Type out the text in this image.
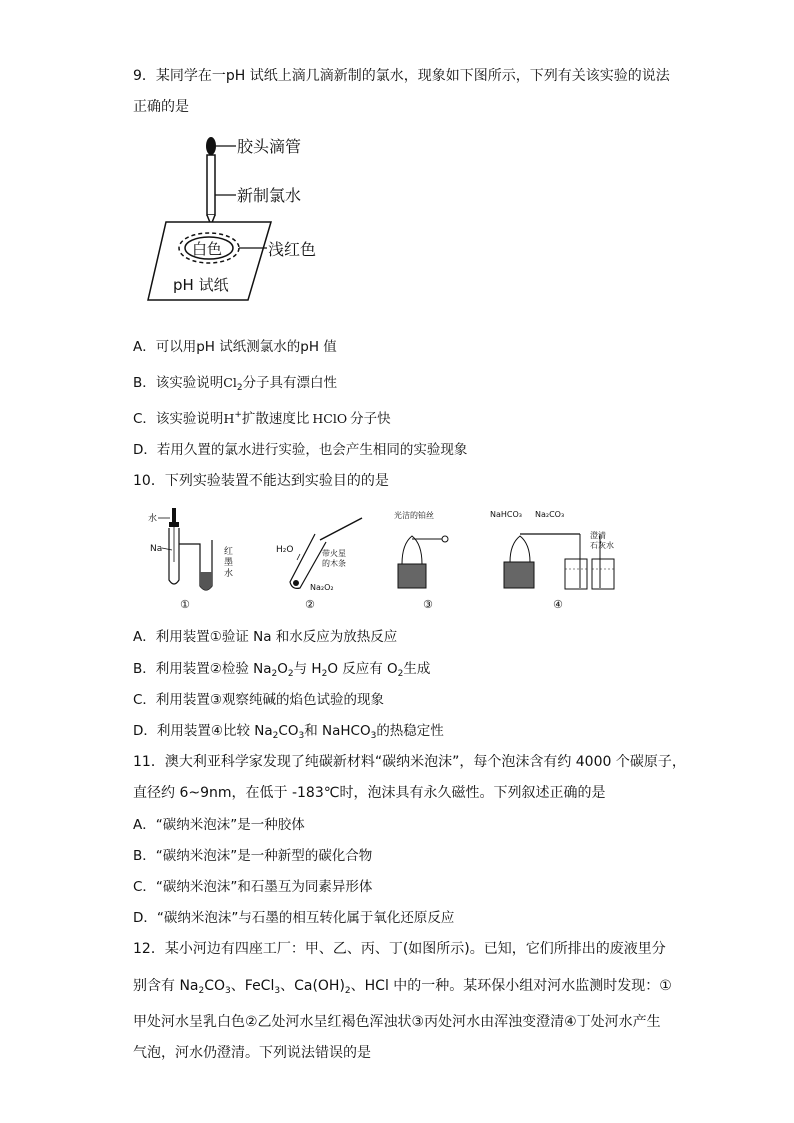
9．某同学在一pH 试纸上滴几滴新制的氯水，现象如下图所示，下列有关该实验的说法
正确的是
胶头滴管
新制氯水
白色	浅红色
pH 试纸
A．可以用pH 试纸测氯水的pH 值
B．该实验说明$Cl_2$分子具有漂白性
C．该实验说明H+扩散速度比 HClO 分子快
D．若用久置的氯水进行实验，也会产生相同的实验现象
10．下列实验装置不能达到实验目的的是
水
Na	红
墨
水
①
H₂O	带火星
的木条
Na₂O₂
②
光洁的铂丝
③
NaHCO₃ Na₂CO₃
澄清
石灰水
④
A．利用装置①验证 Na 和水反应为放热反应
B．利用装置②检验 $Na_2O_2$与 $H_2O$ 反应有 $O_2$生成
C．利用装置③观察纯碱的焰色试验的现象
D．利用装置④比较 $Na_2CO_3$和 NaHCO$_3$的热稳定性
11．澳大利亚科学家发现了纯碳新材料“碳纳米泡沫”，每个泡沫含有约 4000 个碳原子，
直径约 6~9nm，在低于 -183℃时，泡沫具有永久磁性。下列叙述正确的是
A．“碳纳米泡沫”是一种胶体
B．“碳纳米泡沫”是一种新型的碳化合物
C．“碳纳米泡沫”和石墨互为同素异形体
D．“碳纳米泡沫”与石墨的相互转化属于氧化还原反应
12．某小河边有四座工厂：甲、乙、丙、丁(如图所示)。已知，它们所排出的废液里分
别含有 $Na_2CO_3$、FeCl$_3$、$Ca(OH)_2$、HCl 中的一种。某环保小组对河水监测时发现：①
甲处河水呈乳白色②乙处河水呈红褐色浑浊状③丙处河水由浑浊变澄清④丁处河水产生
气泡，河水仍澄清。下列说法错误的是
